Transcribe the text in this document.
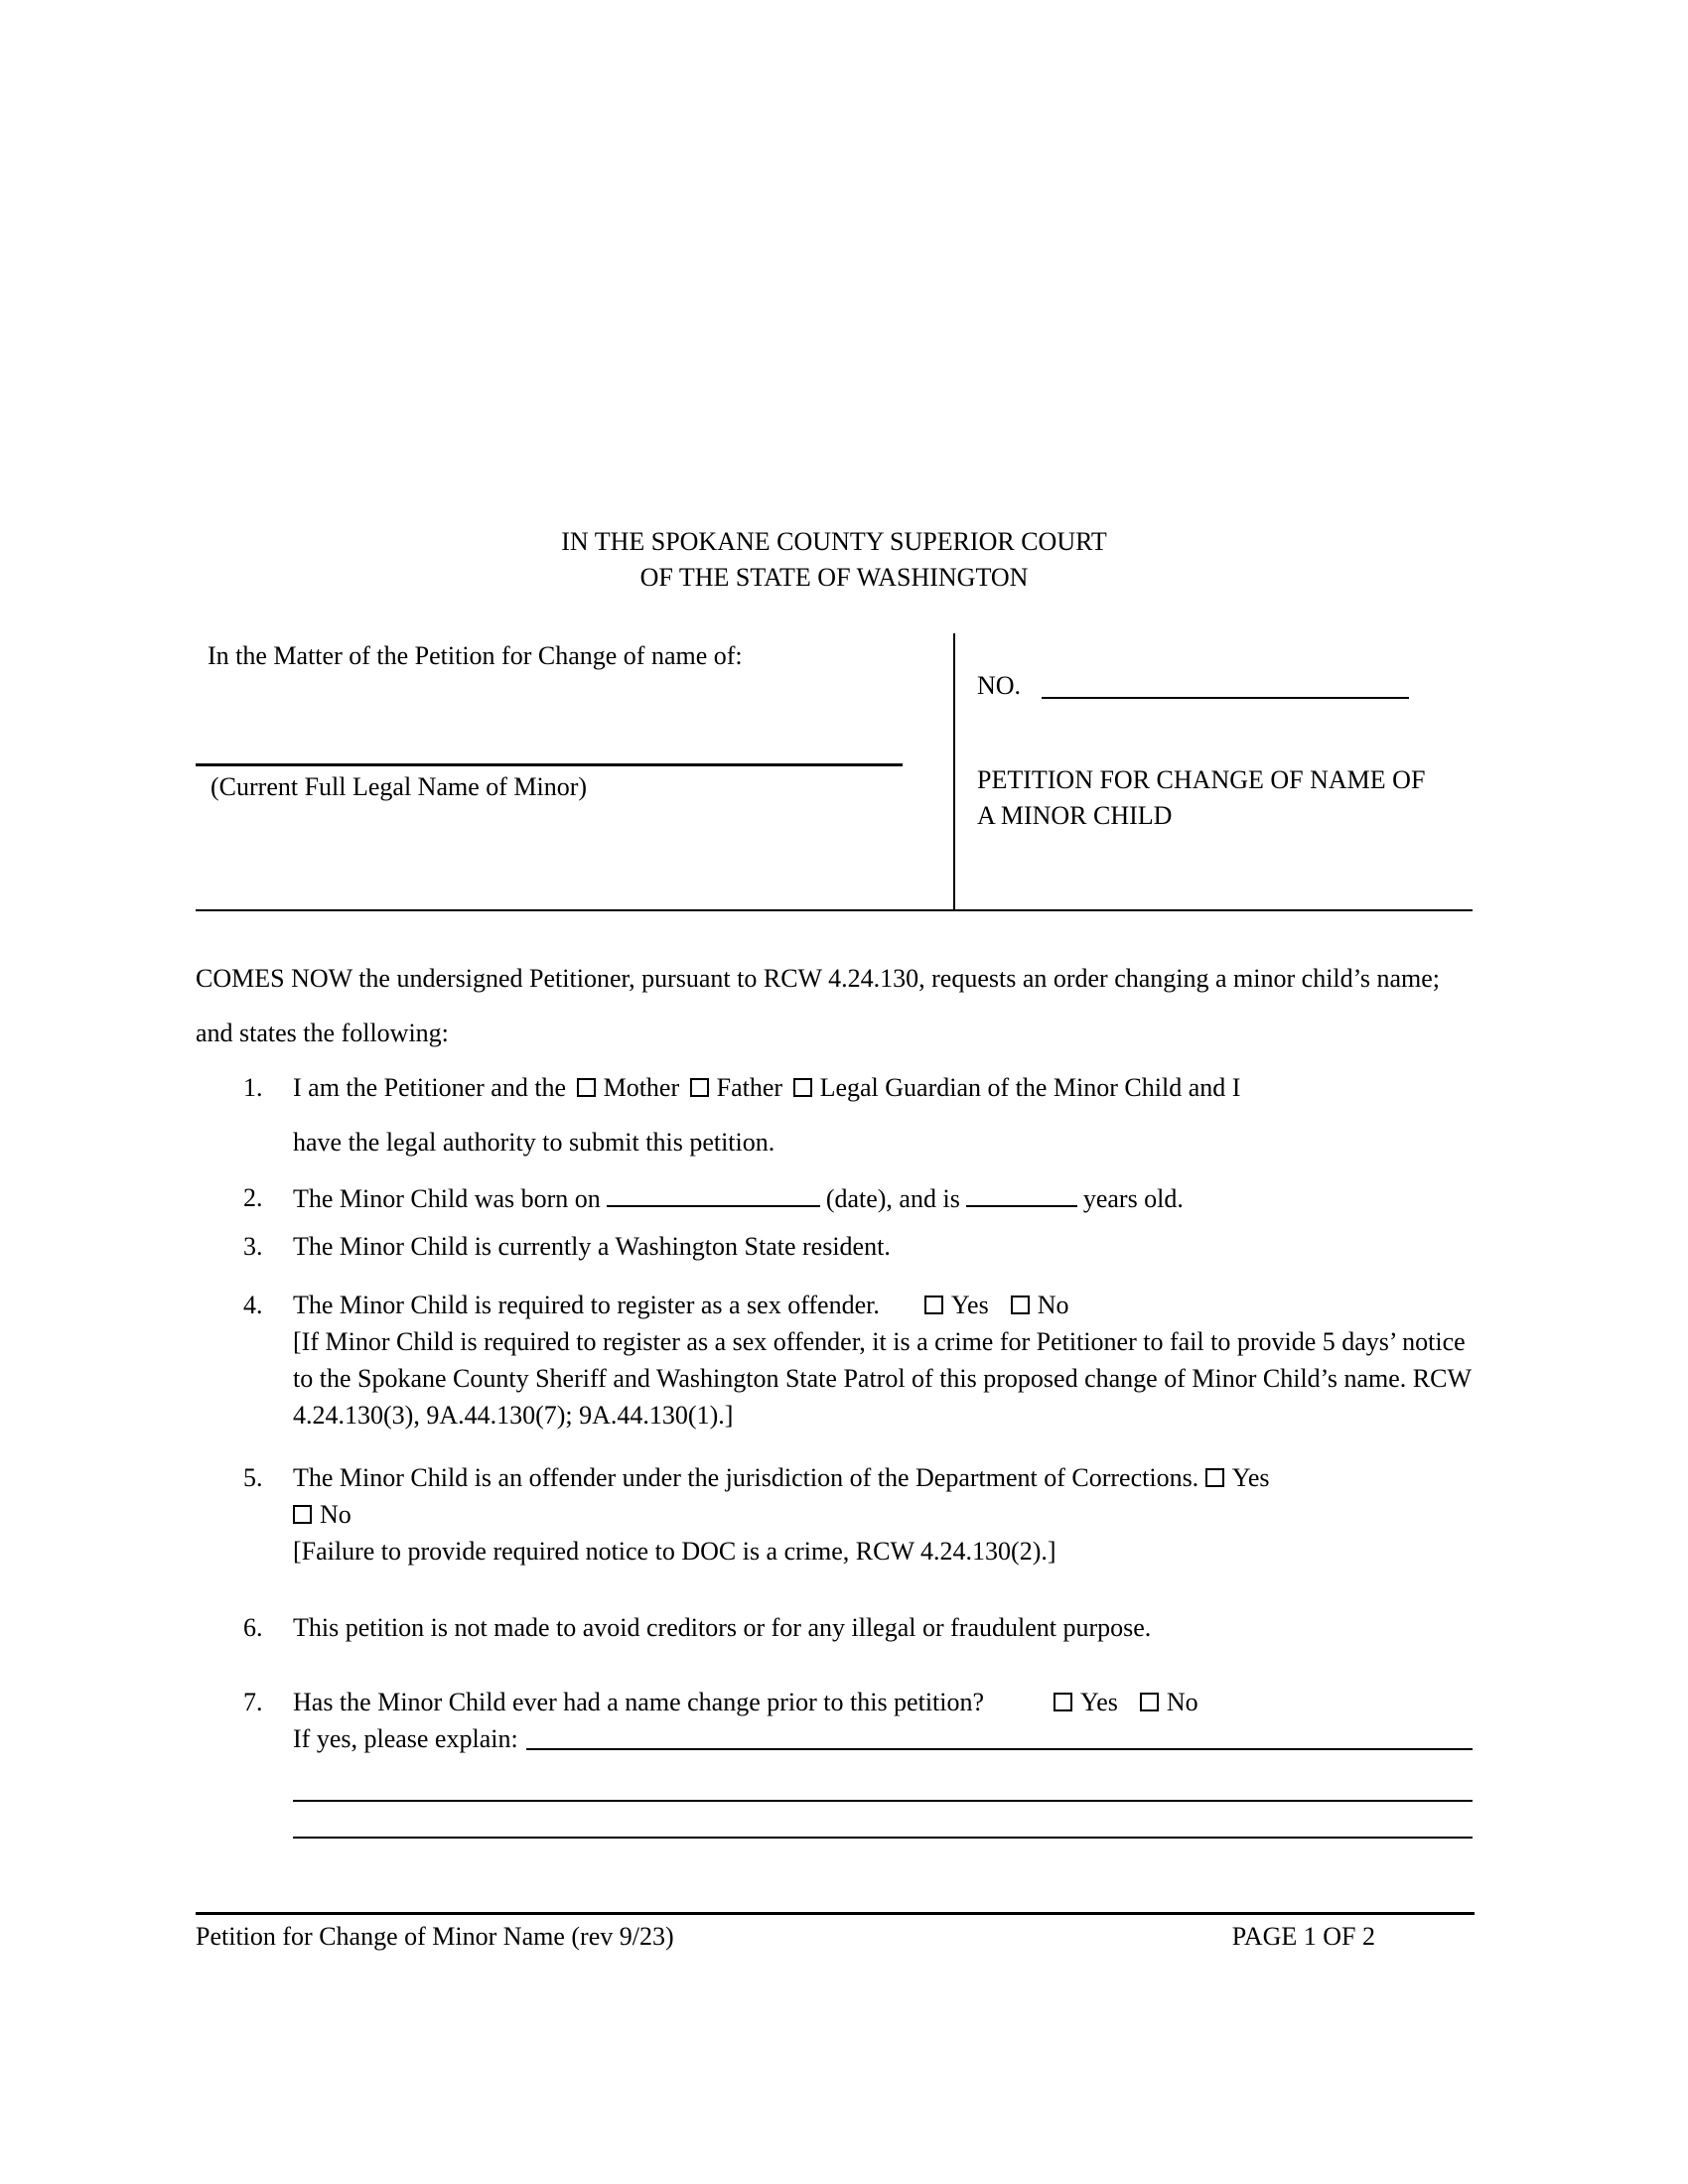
IN THE SPOKANE COUNTY SUPERIOR COURT
OF THE STATE OF WASHINGTON
In the Matter of the Petition for Change of name of:
(Current Full Legal Name of Minor)
NO.
PETITION FOR CHANGE OF NAME OF
A MINOR CHILD

COMES NOW the undersigned Petitioner, pursuant to RCW 4.24.130, requests an order changing a minor child’s name; and states the following:

1.	I am the Petitioner and the Mother Father Legal Guardian of the Minor Child and I
have the legal authority to submit this petition.
2.	The Minor Child was born on	(date), and is	years old.
3.	The Minor Child is currently a Washington State resident.
4.	The Minor Child is required to register as a sex offender.	Yes No
[If Minor Child is required to register as a sex offender, it is a crime for Petitioner to fail to provide 5 days’ notice to the Spokane County Sheriff and Washington State Patrol of this proposed change of Minor Child’s name. RCW 4.24.130(3), 9A.44.130(7); 9A.44.130(1).]
5.	The Minor Child is an offender under the jurisdiction of the Department of Corrections. Yes
No
[Failure to provide required notice to DOC is a crime, RCW 4.24.130(2).]
6.	This petition is not made to avoid creditors or for any illegal or fraudulent purpose.
7.	Has the Minor Child ever had a name change prior to this petition?	Yes No
If yes, please explain:
Petition for Change of Minor Name (rev 9/23)	PAGE 1 OF 2
